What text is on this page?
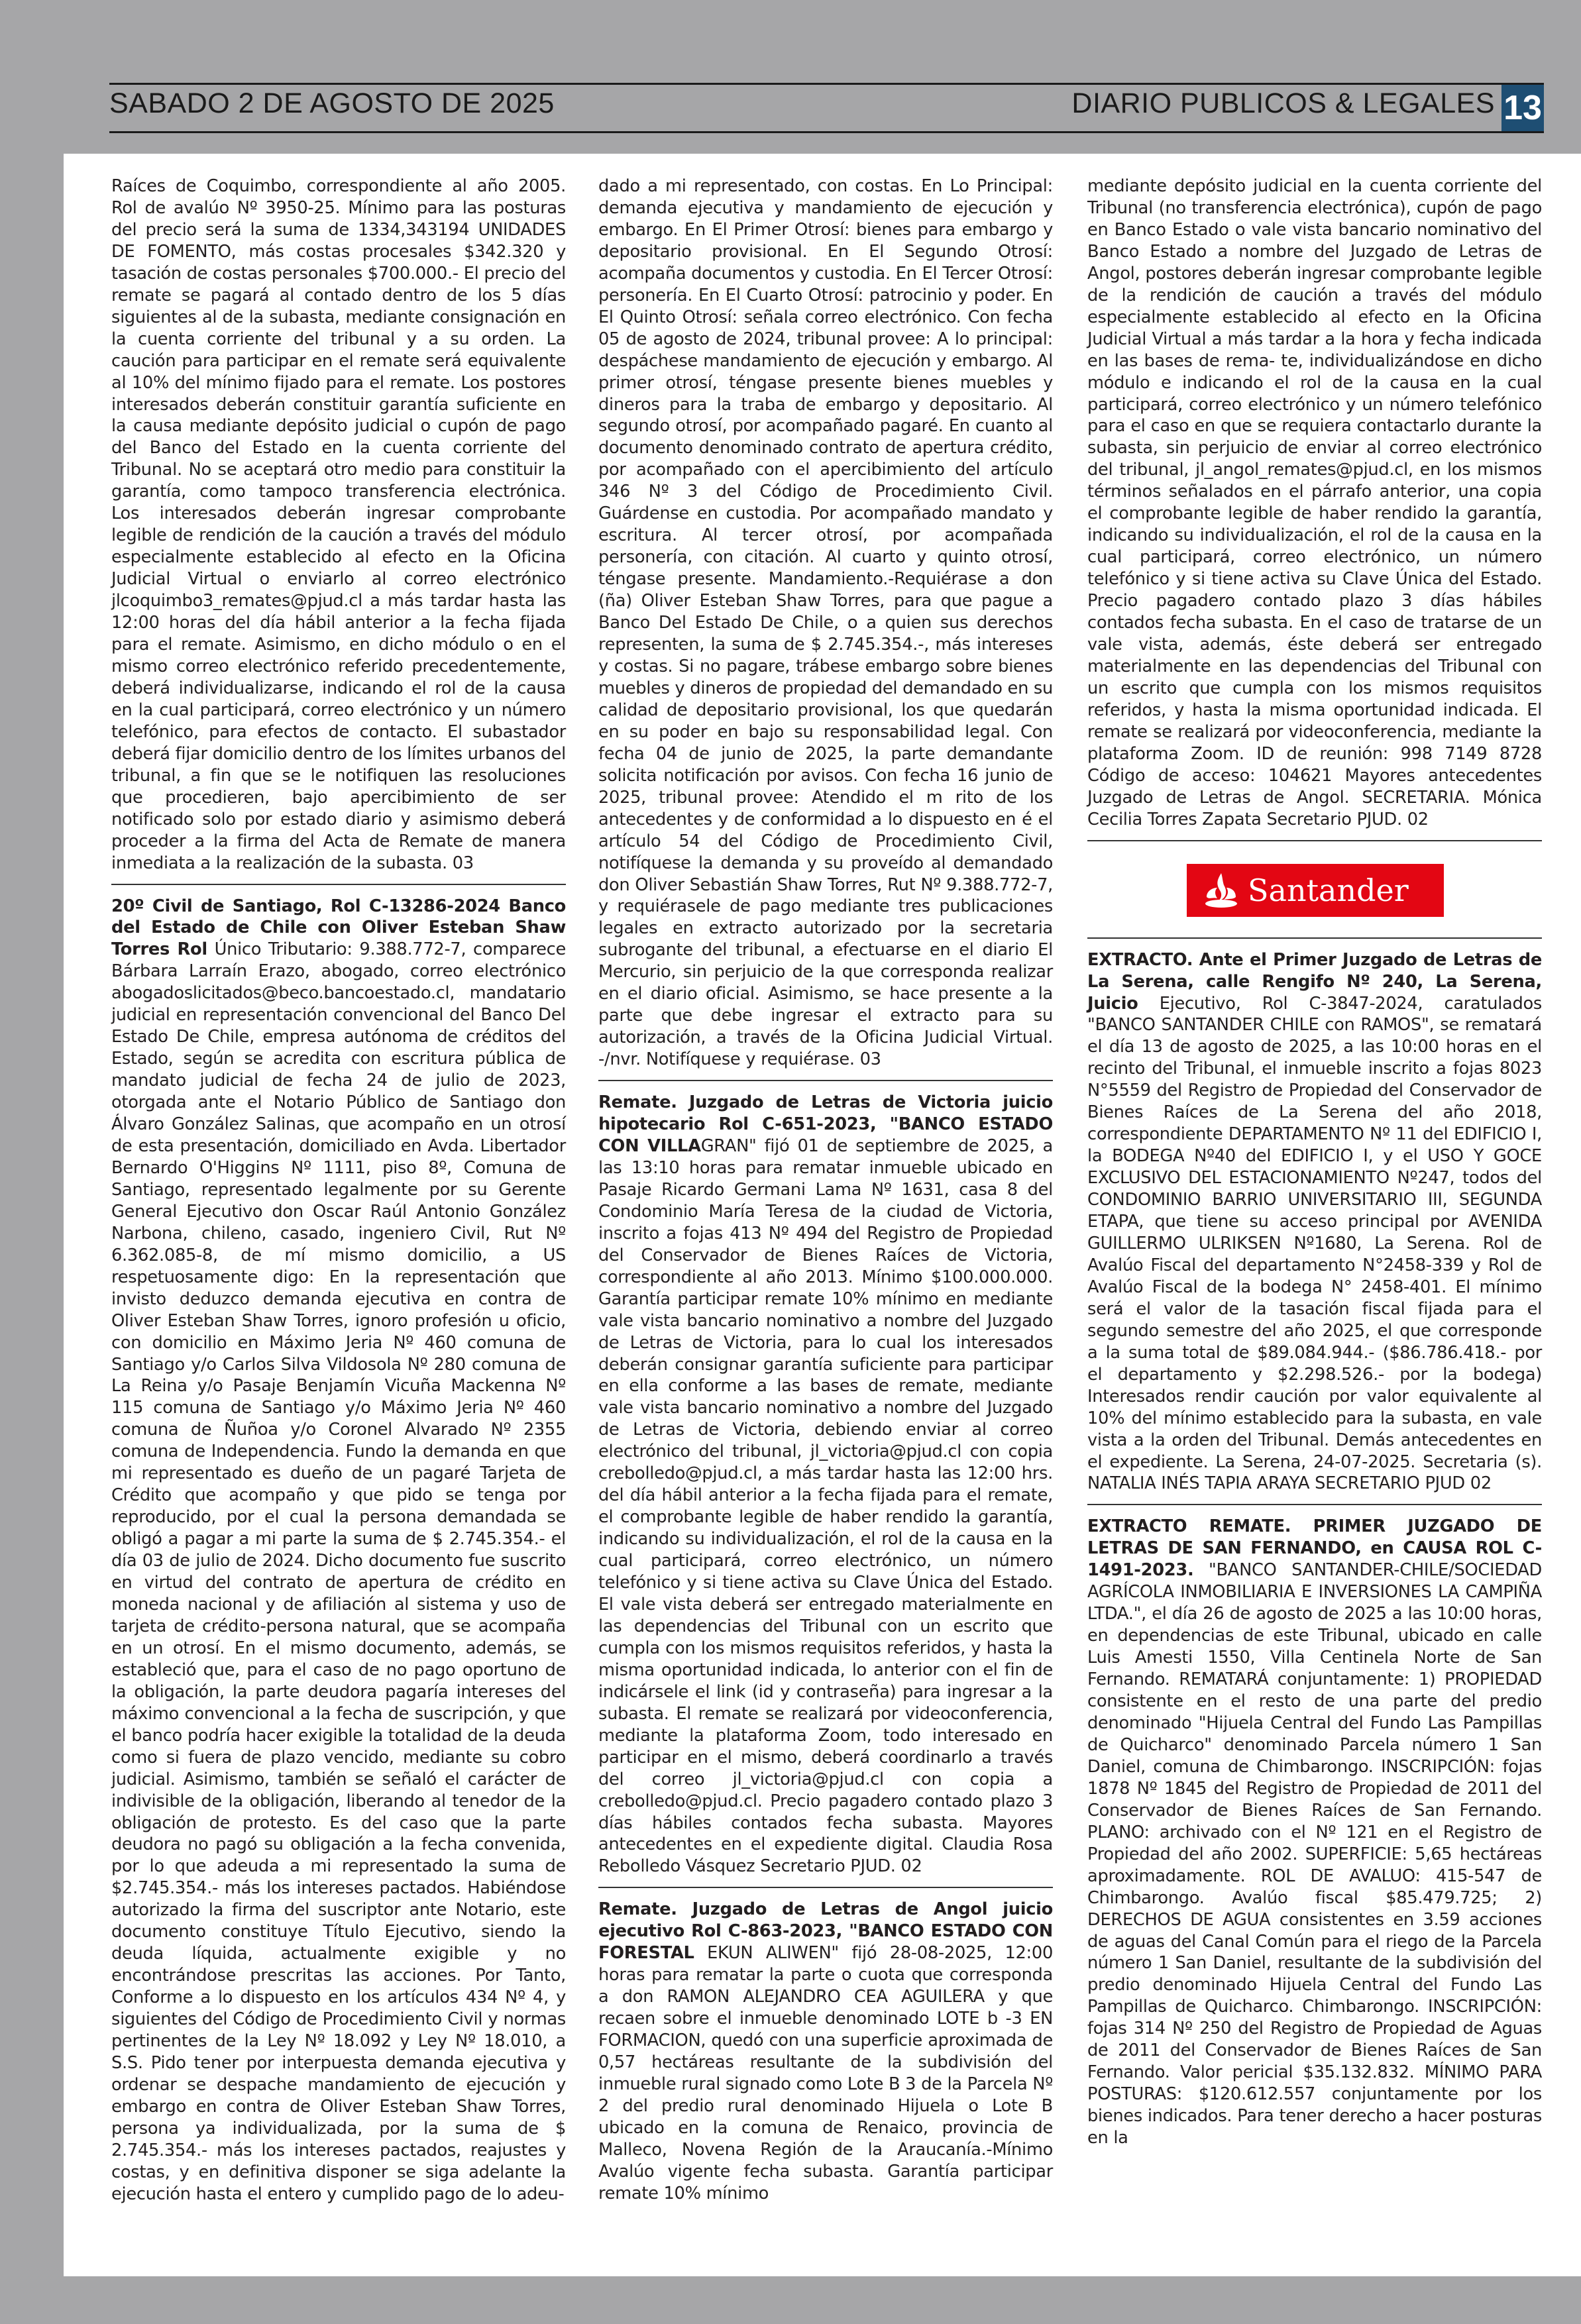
SABADO 2 DE AGOSTO DE 2025	DIARIO PUBLICOS & LEGALES 13

Raíces de Coquimbo, correspondiente al año 2005. Rol de avalúo Nº 3950-25. Mínimo para las posturas del precio será la suma de 1334,343194 UNIDADES DE FOMENTO, más costas procesales $342.320 y tasación de costas personales $700.000.- El precio del remate se pagará al contado dentro de los 5 días siguientes al de la subasta, mediante consignación en la cuenta corriente del tribunal y a su orden. La caución para participar en el remate será equivalente al 10% del mínimo fijado para el remate. Los postores interesados deberán constituir garantía suficiente en la causa mediante depósito judicial o cupón de pago del Banco del Estado en la cuenta corriente del Tribunal. No se aceptará otro medio para constituir la garantía, como tampoco transferencia electrónica. Los interesados deberán ingresar comprobante legible de rendición de la caución a través del módulo especialmente establecido al efecto en la Oficina Judicial Virtual o enviarlo al correo electrónico jlcoquimbo3_remates@pjud.cl a más tardar hasta las 12:00 horas del día hábil anterior a la fecha fijada para el remate. Asimismo, en dicho módulo o en el mismo correo electrónico referido precedentemente, deberá individualizarse, indicando el rol de la causa en la cual participará, correo electrónico y un número telefónico, para efectos de contacto. El subastador deberá fijar domicilio dentro de los límites urbanos del tribunal, a fin que se le notifiquen las resoluciones que procedieren, bajo apercibimiento de ser notificado solo por estado diario y asimismo deberá proceder a la firma del Acta de Remate de manera inmediata a la realización de la subasta. 03

20º Civil de Santiago, Rol C-13286-2024 Banco del Estado de Chile con Oliver Esteban Shaw Torres Rol Único Tributario: 9.388.772-7, comparece Bárbara Larraín Erazo, abogado, correo electrónico abogadoslicitados@beco.bancoestado.cl, mandatario judicial en representación convencional del Banco Del Estado De Chile, empresa autónoma de créditos del Estado, según se acredita con escritura pública de mandato judicial de fecha 24 de julio de 2023, otorgada ante el Notario Público de Santiago don Álvaro González Salinas, que acompaño en un otrosí de esta presentación, domiciliado en Avda. Libertador Bernardo O'Higgins Nº 1111, piso 8º, Comuna de Santiago, representado legalmente por su Gerente General Ejecutivo don Oscar Raúl Antonio González Narbona, chileno, casado, ingeniero Civil, Rut Nº 6.362.085-8, de mí mismo domicilio, a US respetuosamente digo: En la representación que invisto deduzco demanda ejecutiva en contra de Oliver Esteban Shaw Torres, ignoro profesión u oficio, con domicilio en Máximo Jeria Nº 460 comuna de Santiago y/o Carlos Silva Vildosola Nº 280 comuna de La Reina y/o Pasaje Benjamín Vicuña Mackenna Nº 115 comuna de Santiago y/o Máximo Jeria Nº 460 comuna de Ñuñoa y/o Coronel Alvarado Nº 2355 comuna de Independencia. Fundo la demanda en que mi representado es dueño de un pagaré Tarjeta de Crédito que acompaño y que pido se tenga por reproducido, por el cual la persona demandada se obligó a pagar a mi parte la suma de $ 2.745.354.- el día 03 de julio de 2024. Dicho documento fue suscrito en virtud del contrato de apertura de crédito en moneda nacional y de afiliación al sistema y uso de tarjeta de crédito-persona natural, que se acompaña en un otrosí. En el mismo documento, además, se estableció que, para el caso de no pago oportuno de la obligación, la parte deudora pagaría intereses del máximo convencional a la fecha de suscripción, y que el banco podría hacer exigible la totalidad de la deuda como si fuera de plazo vencido, mediante su cobro judicial. Asimismo, también se señaló el carácter de indivisible de la obligación, liberando al tenedor de la obligación de protesto. Es del caso que la parte deudora no pagó su obligación a la fecha convenida, por lo que adeuda a mi representado la suma de $2.745.354.- más los intereses pactados. Habiéndose autorizado la firma del suscriptor ante Notario, este documento constituye Título Ejecutivo, siendo la deuda líquida, actualmente exigible y no encontrándose prescritas las acciones. Por Tanto, Conforme a lo dispuesto en los artículos 434 Nº 4, y siguientes del Código de Procedimiento Civil y normas pertinentes de la Ley Nº 18.092 y Ley Nº 18.010, a S.S. Pido tener por interpuesta demanda ejecutiva y ordenar se despache mandamiento de ejecución y embargo en contra de Oliver Esteban Shaw Torres, persona ya individualizada, por la suma de $ 2.745.354.- más los intereses pactados, reajustes y costas, y en definitiva disponer se siga adelante la ejecución hasta el entero y cumplido pago de lo adeu-

dado a mi representado, con costas. En Lo Principal: demanda ejecutiva y mandamiento de ejecución y embargo. En El Primer Otrosí: bienes para embargo y depositario provisional. En El Segundo Otrosí: acompaña documentos y custodia. En El Tercer Otrosí: personería. En El Cuarto Otrosí: patrocinio y poder. En El Quinto Otrosí: señala correo electrónico. Con fecha 05 de agosto de 2024, tribunal provee: A lo principal: despáchese mandamiento de ejecución y embargo. Al primer otrosí, téngase presente bienes muebles y dineros para la traba de embargo y depositario. Al segundo otrosí, por acompañado pagaré. En cuanto al documento denominado contrato de apertura crédito, por acompañado con el apercibimiento del artículo 346 Nº 3 del Código de Procedimiento Civil. Guárdense en custodia. Por acompañado mandato y escritura. Al tercer otrosí, por acompañada personería, con citación. Al cuarto y quinto otrosí, téngase presente. Mandamiento.-Requiérase a don (ña) Oliver Esteban Shaw Torres, para que pague a Banco Del Estado De Chile, o a quien sus derechos representen, la suma de $ 2.745.354.-, más intereses y costas. Si no pagare, trábese embargo sobre bienes muebles y dineros de propiedad del demandado en su calidad de depositario provisional, los que quedarán en su poder en bajo su responsabilidad legal. Con fecha 04 de junio de 2025, la parte demandante solicita notificación por avisos. Con fecha 16 junio de 2025, tribunal provee: Atendido el m rito de los antecedentes y de conformidad a lo dispuesto en é el artículo 54 del Código de Procedimiento Civil, notifíquese la demanda y su proveído al demandado don Oliver Sebastián Shaw Torres, Rut Nº 9.388.772-7, y requiérasele de pago mediante tres publicaciones legales en extracto autorizado por la secretaria subrogante del tribunal, a efectuarse en el diario El Mercurio, sin perjuicio de la que corresponda realizar en el diario oficial. Asimismo, se hace presente a la parte que debe ingresar el extracto para su autorización, a través de la Oficina Judicial Virtual. -/nvr. Notifíquese y requiérase. 03

Remate. Juzgado de Letras de Victoria juicio hipotecario Rol C-651-2023, "BANCO ESTADO CON VILLAGRAN" fijó 01 de septiembre de 2025, a las 13:10 horas para rematar inmueble ubicado en Pasaje Ricardo Germani Lama Nº 1631, casa 8 del Condominio María Teresa de la ciudad de Victoria, inscrito a fojas 413 Nº 494 del Registro de Propiedad del Conservador de Bienes Raíces de Victoria, correspondiente al año 2013. Mínimo $100.000.000. Garantía participar remate 10% mínimo en mediante vale vista bancario nominativo a nombre del Juzgado de Letras de Victoria, para lo cual los interesados deberán consignar garantía suficiente para participar en ella conforme a las bases de remate, mediante vale vista bancario nominativo a nombre del Juzgado de Letras de Victoria, debiendo enviar al correo electrónico del tribunal, jl_victoria@pjud.cl con copia crebolledo@pjud.cl, a más tardar hasta las 12:00 hrs. del día hábil anterior a la fecha fijada para el remate, el comprobante legible de haber rendido la garantía, indicando su individualización, el rol de la causa en la cual participará, correo electrónico, un número telefónico y si tiene activa su Clave Única del Estado. El vale vista deberá ser entregado materialmente en las dependencias del Tribunal con un escrito que cumpla con los mismos requisitos referidos, y hasta la misma oportunidad indicada, lo anterior con el fin de indicársele el link (id y contraseña) para ingresar a la subasta. El remate se realizará por videoconferencia, mediante la plataforma Zoom, todo interesado en participar en el mismo, deberá coordinarlo a través del correo jl_victoria@pjud.cl con copia a crebolledo@pjud.cl. Precio pagadero contado plazo 3 días hábiles contados fecha subasta. Mayores antecedentes en el expediente digital. Claudia Rosa Rebolledo Vásquez Secretario PJUD. 02

Remate. Juzgado de Letras de Angol juicio ejecutivo Rol C-863-2023, "BANCO ESTADO CON FORESTAL EKUN ALIWEN" fijó 28-08-2025, 12:00 horas para rematar la parte o cuota que corresponda a don RAMON ALEJANDRO CEA AGUILERA y que recaen sobre el inmueble denominado LOTE b -3 EN FORMACION, quedó con una superficie aproximada de 0,57 hectáreas resultante de la subdivisión del inmueble rural signado como Lote B 3 de la Parcela Nº 2 del predio rural denominado Hijuela o Lote B ubicado en la comuna de Renaico, provincia de Malleco, Novena Región de la Araucanía.-Mínimo Avalúo vigente fecha subasta. Garantía participar remate 10% mínimo

mediante depósito judicial en la cuenta corriente del Tribunal (no transferencia electrónica), cupón de pago en Banco Estado o vale vista bancario nominativo del Banco Estado a nombre del Juzgado de Letras de Angol, postores deberán ingresar comprobante legible de la rendición de caución a través del módulo especialmente establecido al efecto en la Oficina Judicial Virtual a más tardar a la hora y fecha indicada en las bases de rema- te, individualizándose en dicho módulo e indicando el rol de la causa en la cual participará, correo electrónico y un número telefónico para el caso en que se requiera contactarlo durante la subasta, sin perjuicio de enviar al correo electrónico del tribunal, jl_angol_remates@pjud.cl, en los mismos términos señalados en el párrafo anterior, una copia el comprobante legible de haber rendido la garantía, indicando su individualización, el rol de la causa en la cual participará, correo electrónico, un número telefónico y si tiene activa su Clave Única del Estado. Precio pagadero contado plazo 3 días hábiles contados fecha subasta. En el caso de tratarse de un vale vista, además, éste deberá ser entregado materialmente en las dependencias del Tribunal con un escrito que cumpla con los mismos requisitos referidos, y hasta la misma oportunidad indicada. El remate se realizará por videoconferencia, mediante la plataforma Zoom. ID de reunión: 998 7149 8728 Código de acceso: 104621 Mayores antecedentes Juzgado de Letras de Angol. SECRETARIA. Mónica Cecilia Torres Zapata Secretario PJUD. 02

Santander

EXTRACTO. Ante el Primer Juzgado de Letras de La Serena, calle Rengifo Nº 240, La Serena, Juicio Ejecutivo, Rol C-3847-2024, caratulados "BANCO SANTANDER CHILE con RAMOS", se rematará el día 13 de agosto de 2025, a las 10:00 horas en el recinto del Tribunal, el inmueble inscrito a fojas 8023 N°5559 del Registro de Propiedad del Conservador de Bienes Raíces de La Serena del año 2018, correspondiente DEPARTAMENTO Nº 11 del EDIFICIO I, la BODEGA Nº40 del EDIFICIO I, y el USO Y GOCE EXCLUSIVO DEL ESTACIONAMIENTO Nº247, todos del CONDOMINIO BARRIO UNIVERSITARIO III, SEGUNDA ETAPA, que tiene su acceso principal por AVENIDA GUILLERMO ULRIKSEN Nº1680, La Serena. Rol de Avalúo Fiscal del departamento N°2458-339 y Rol de Avalúo Fiscal de la bodega N° 2458-401. El mínimo será el valor de la tasación fiscal fijada para el segundo semestre del año 2025, el que corresponde a la suma total de $89.084.944.- ($86.786.418.- por el departamento y $2.298.526.- por la bodega) Interesados rendir caución por valor equivalente al 10% del mínimo establecido para la subasta, en vale vista a la orden del Tribunal. Demás antecedentes en el expediente. La Serena, 24-07-2025. Secretaria (s). NATALIA INÉS TAPIA ARAYA SECRETARIO PJUD 02

EXTRACTO REMATE. PRIMER JUZGADO DE LETRAS DE SAN FERNANDO, en CAUSA ROL C-1491-2023. "BANCO SANTANDER-CHILE/SOCIEDAD AGRÍCOLA INMOBILIARIA E INVERSIONES LA CAMPIÑA LTDA.", el día 26 de agosto de 2025 a las 10:00 horas, en dependencias de este Tribunal, ubicado en calle Luis Amesti 1550, Villa Centinela Norte de San Fernando. REMATARÁ conjuntamente: 1) PROPIEDAD consistente en el resto de una parte del predio denominado "Hijuela Central del Fundo Las Pampillas de Quicharco" denominado Parcela número 1 San Daniel, comuna de Chimbarongo. INSCRIPCIÓN: fojas 1878 Nº 1845 del Registro de Propiedad de 2011 del Conservador de Bienes Raíces de San Fernando. PLANO: archivado con el Nº 121 en el Registro de Propiedad del año 2002. SUPERFICIE: 5,65 hectáreas aproximadamente. ROL DE AVALUO: 415-547 de Chimbarongo. Avalúo fiscal $85.479.725; 2) DERECHOS DE AGUA consistentes en 3.59 acciones de aguas del Canal Común para el riego de la Parcela número 1 San Daniel, resultante de la subdivisión del predio denominado Hijuela Central del Fundo Las Pampillas de Quicharco. Chimbarongo. INSCRIPCIÓN: fojas 314 Nº 250 del Registro de Propiedad de Aguas de 2011 del Conservador de Bienes Raíces de San Fernando. Valor pericial $35.132.832. MÍNIMO PARA POSTURAS: $120.612.557 conjuntamente por los bienes indicados. Para tener derecho a hacer posturas en la
